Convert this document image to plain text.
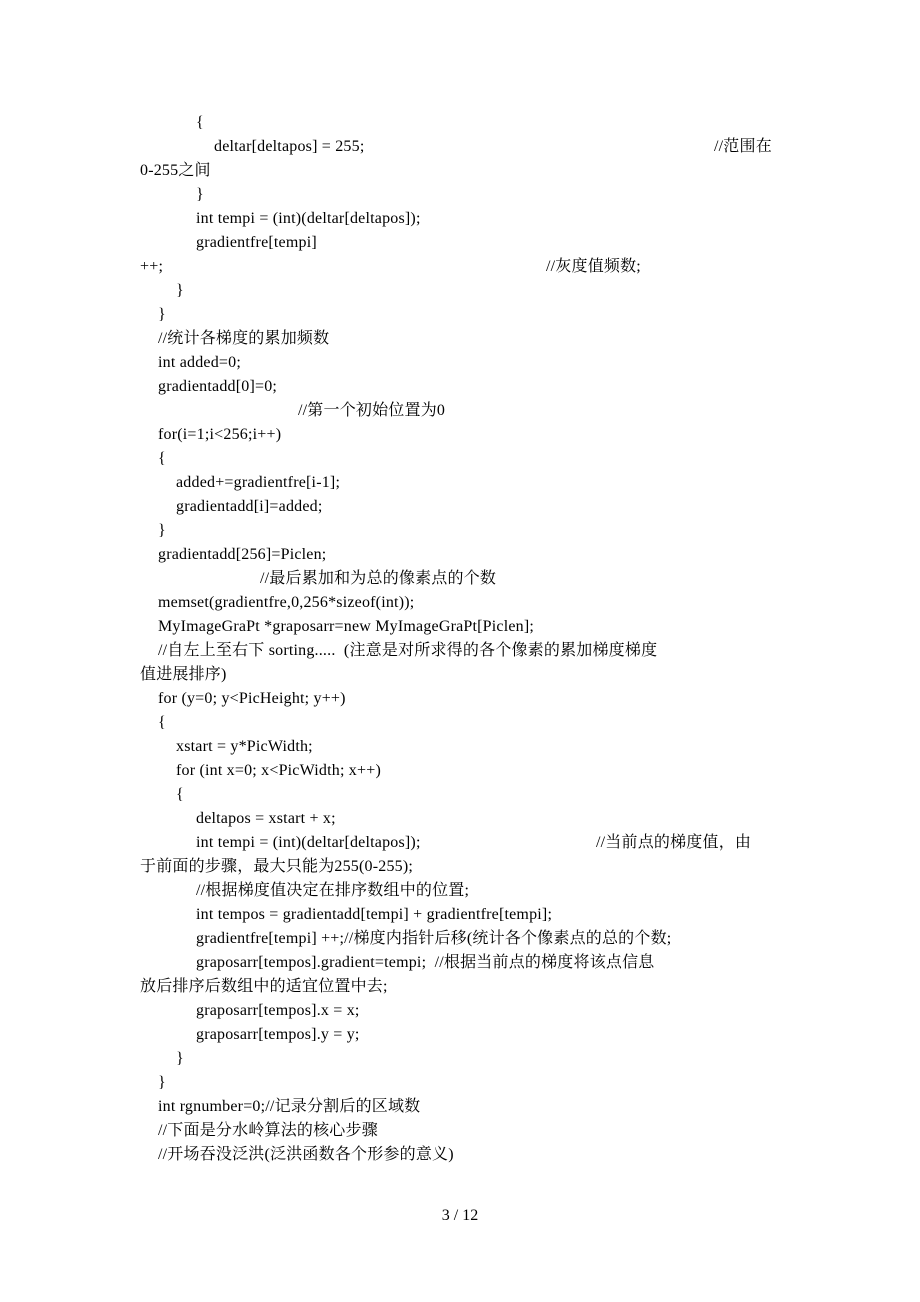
{
deltar[deltapos] = 255;	//范围在
0-255之间
}
int tempi = (int)(deltar[deltapos]);
gradientfre[tempi]
++;	//灰度值频数;
}
}
//统计各梯度的累加频数
int added=0;
gradientadd[0]=0;
//第一个初始位置为0
for(i=1;i<256;i++)
{
added+=gradientfre[i-1];
gradientadd[i]=added;
}
gradientadd[256]=Piclen;
//最后累加和为总的像素点的个数
memset(gradientfre,0,256*sizeof(int));
MyImageGraPt *graposarr=new MyImageGraPt[Piclen];
//自左上至右下 sorting.....  (注意是对所求得的各个像素的累加梯度梯度
值进展排序)
for (y=0; y<PicHeight; y++)
{
xstart = y*PicWidth;
for (int x=0; x<PicWidth; x++)
{
deltapos = xstart + x;
int tempi = (int)(deltar[deltapos]);	//当前点的梯度值，由
于前面的步骤，最大只能为255(0-255);
//根据梯度值决定在排序数组中的位置;
int tempos = gradientadd[tempi] + gradientfre[tempi];
gradientfre[tempi] ++;//梯度内指针后移(统计各个像素点的总的个数;
graposarr[tempos].gradient=tempi;  //根据当前点的梯度将该点信息
放后排序后数组中的适宜位置中去;
graposarr[tempos].x = x;
graposarr[tempos].y = y;
}
}
int rgnumber=0;//记录分割后的区域数
//下面是分水岭算法的核心步骤
//开场吞没泛洪(泛洪函数各个形参的意义)
3 / 12
